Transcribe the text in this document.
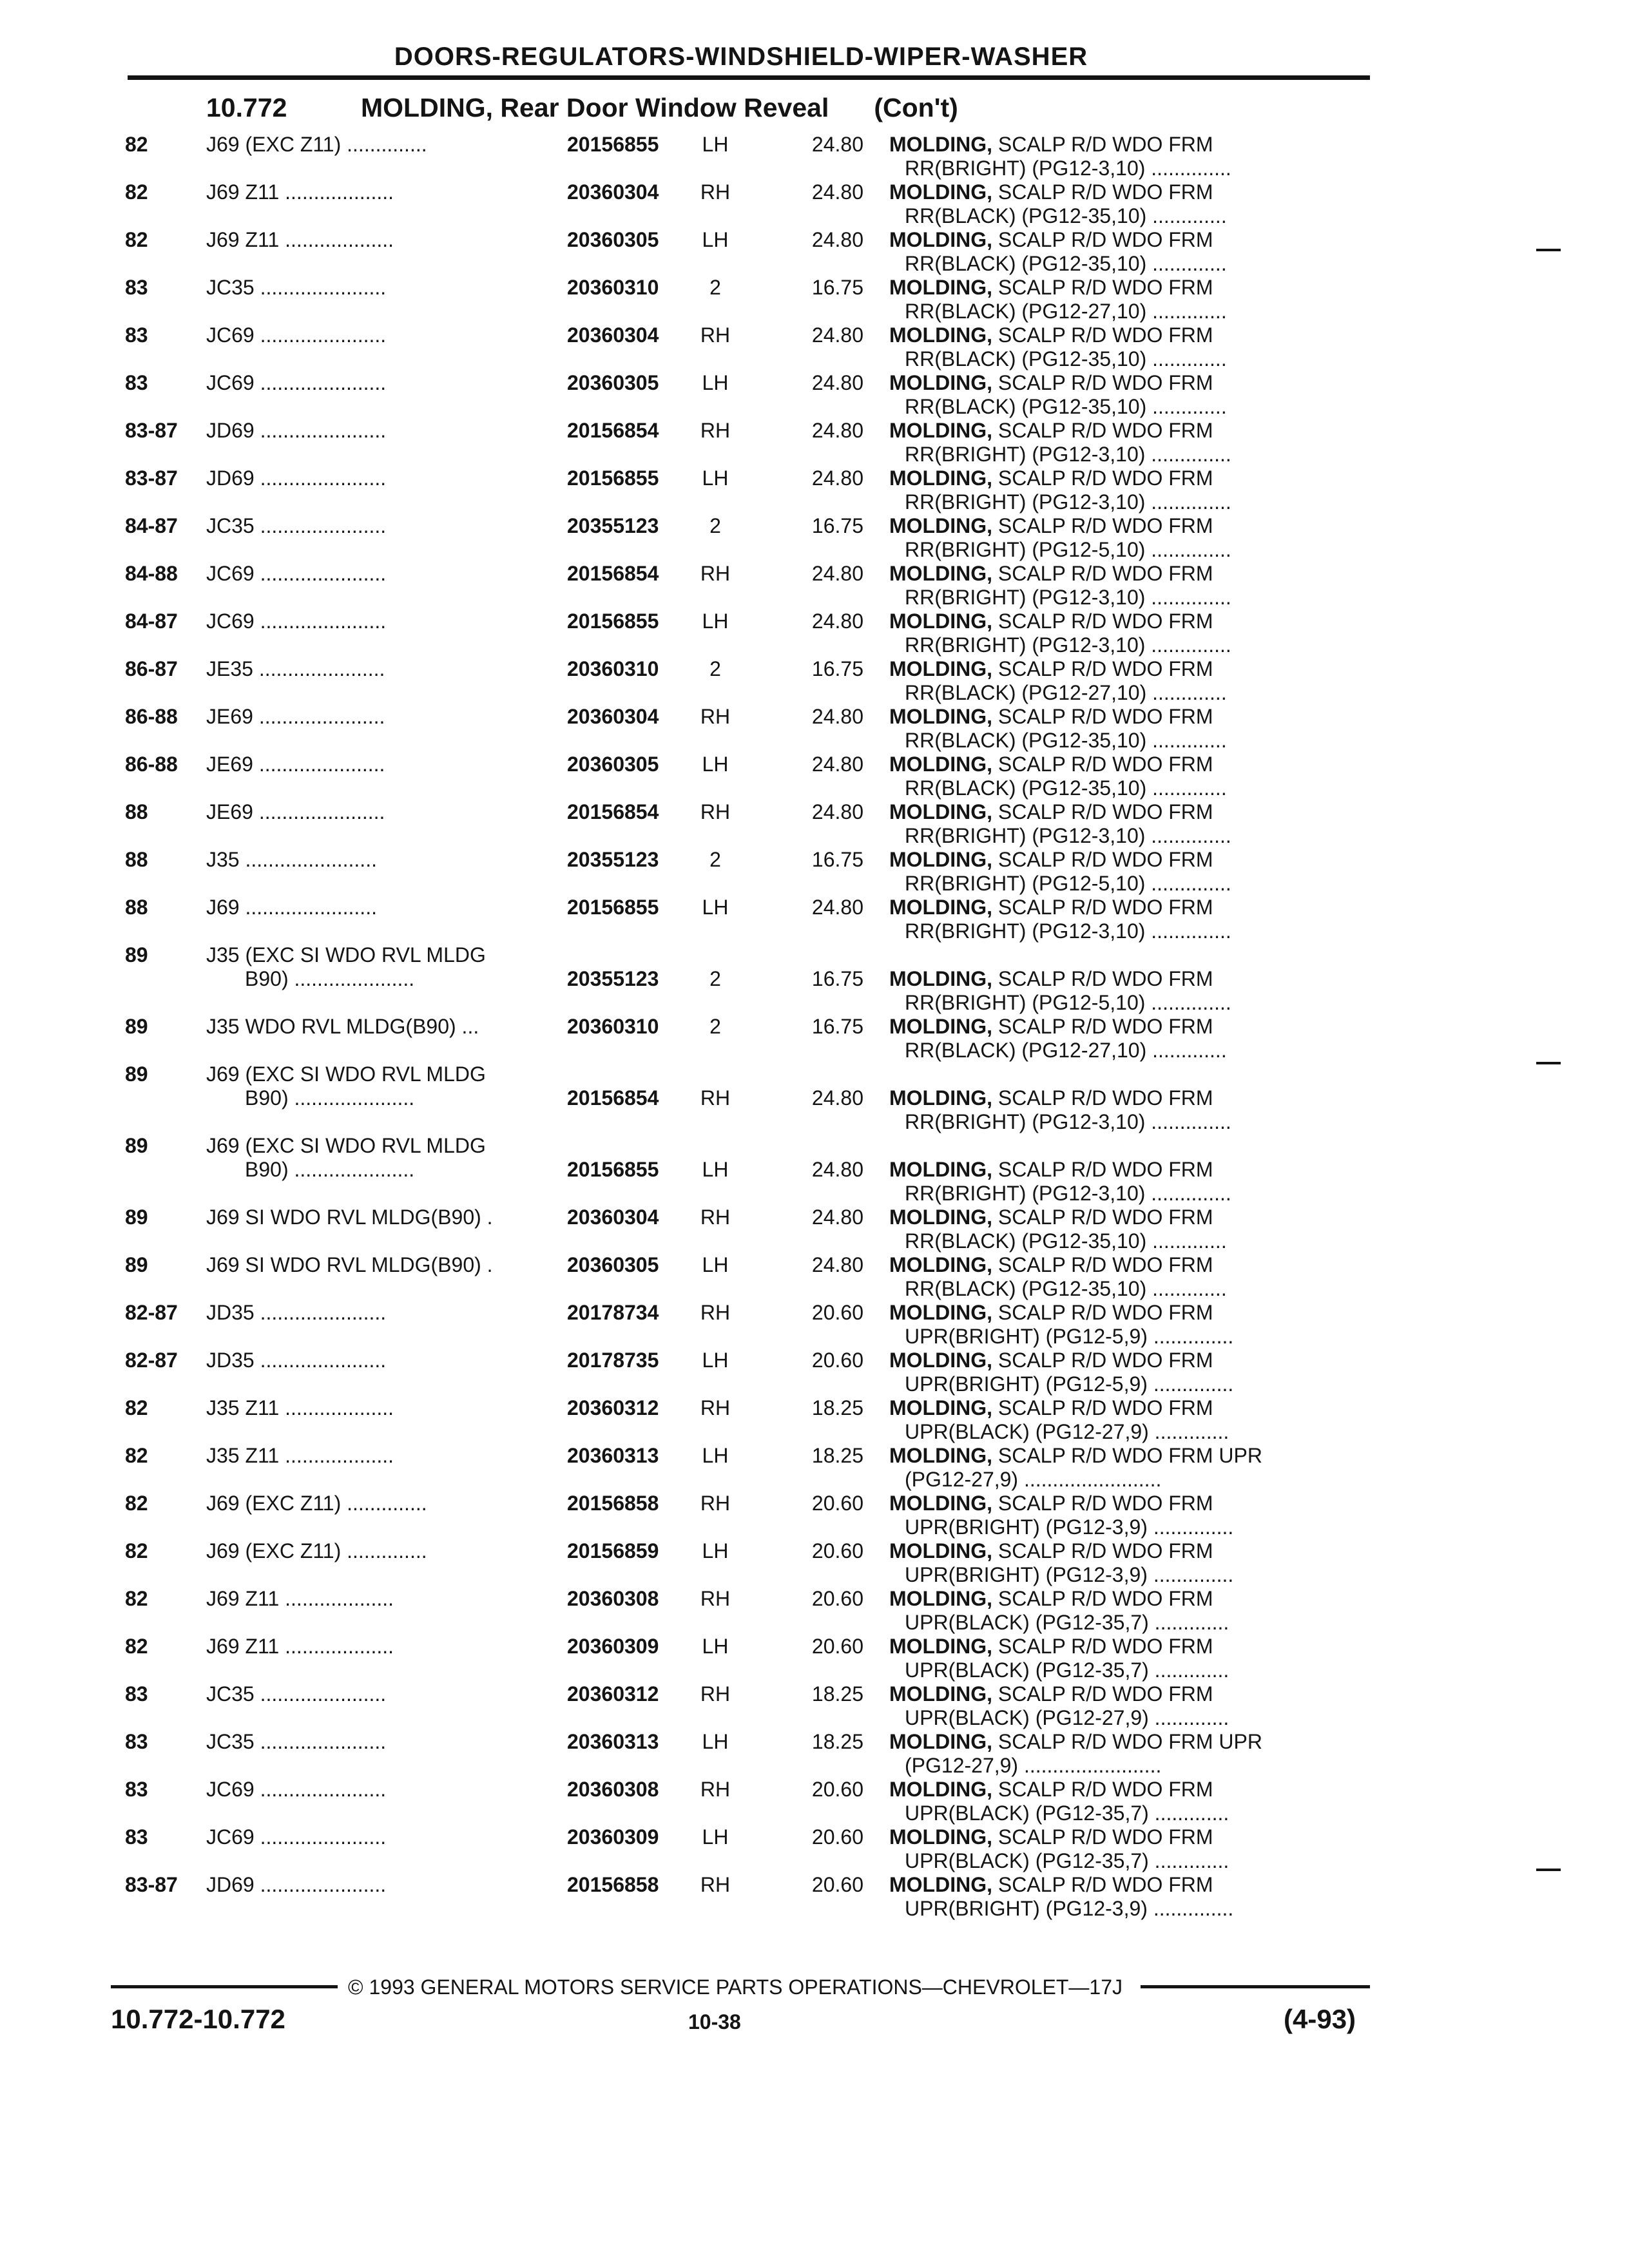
DOORS-REGULATORS-WINDSHIELD-WIPER-WASHER
10.772	MOLDING, Rear Door Window Reveal (Con't)
82	J69 (EXC Z11) ..............	20156855 LH	24.80 MOLDING, SCALP R/D WDO FRM
RR(BRIGHT) (PG12-3,10) ..............
82	J69 Z11 ...................	20360304 RH	24.80 MOLDING, SCALP R/D WDO FRM
RR(BLACK) (PG12-35,10) .............
82	J69 Z11 ...................	20360305 LH	24.80 MOLDING, SCALP R/D WDO FRM
RR(BLACK) (PG12-35,10) .............
83	JC35 ......................	20360310	2	16.75 MOLDING, SCALP R/D WDO FRM
RR(BLACK) (PG12-27,10) .............
83	JC69 ......................	20360304 RH	24.80 MOLDING, SCALP R/D WDO FRM
RR(BLACK) (PG12-35,10) .............
83	JC69 ......................	20360305 LH	24.80 MOLDING, SCALP R/D WDO FRM
RR(BLACK) (PG12-35,10) .............
83-87 JD69 ......................	20156854 RH	24.80 MOLDING, SCALP R/D WDO FRM
RR(BRIGHT) (PG12-3,10) ..............
83-87 JD69 ......................	20156855 LH	24.80 MOLDING, SCALP R/D WDO FRM
RR(BRIGHT) (PG12-3,10) ..............
84-87 JC35 ......................	20355123	2	16.75 MOLDING, SCALP R/D WDO FRM
RR(BRIGHT) (PG12-5,10) ..............
84-88 JC69 ......................	20156854 RH	24.80 MOLDING, SCALP R/D WDO FRM
RR(BRIGHT) (PG12-3,10) ..............
84-87 JC69 ......................	20156855 LH	24.80 MOLDING, SCALP R/D WDO FRM
RR(BRIGHT) (PG12-3,10) ..............
86-87 JE35 ......................	20360310	2	16.75 MOLDING, SCALP R/D WDO FRM
RR(BLACK) (PG12-27,10) .............
86-88 JE69 ......................	20360304 RH	24.80 MOLDING, SCALP R/D WDO FRM
RR(BLACK) (PG12-35,10) .............
86-88 JE69 ......................	20360305 LH	24.80 MOLDING, SCALP R/D WDO FRM
RR(BLACK) (PG12-35,10) .............
88	JE69 ......................	20156854 RH	24.80 MOLDING, SCALP R/D WDO FRM
RR(BRIGHT) (PG12-3,10) ..............
88	J35 .......................	20355123	2	16.75 MOLDING, SCALP R/D WDO FRM
RR(BRIGHT) (PG12-5,10) ..............
88	J69 .......................	20156855 LH	24.80 MOLDING, SCALP R/D WDO FRM
RR(BRIGHT) (PG12-3,10) ..............
89	J35 (EXC SI WDO RVL MLDG
B90) .....................	20355123	2	16.75 MOLDING, SCALP R/D WDO FRM
RR(BRIGHT) (PG12-5,10) ..............
89	J35 WDO RVL MLDG(B90) ...	20360310	2	16.75 MOLDING, SCALP R/D WDO FRM
RR(BLACK) (PG12-27,10) .............
89	J69 (EXC SI WDO RVL MLDG
B90) .....................	20156854 RH	24.80 MOLDING, SCALP R/D WDO FRM
RR(BRIGHT) (PG12-3,10) ..............
89	J69 (EXC SI WDO RVL MLDG
B90) .....................	20156855 LH	24.80 MOLDING, SCALP R/D WDO FRM
RR(BRIGHT) (PG12-3,10) ..............
89	J69 SI WDO RVL MLDG(B90) .	20360304 RH	24.80 MOLDING, SCALP R/D WDO FRM
RR(BLACK) (PG12-35,10) .............
89	J69 SI WDO RVL MLDG(B90) .	20360305 LH	24.80 MOLDING, SCALP R/D WDO FRM
RR(BLACK) (PG12-35,10) .............
82-87 JD35 ......................	20178734 RH	20.60 MOLDING, SCALP R/D WDO FRM
UPR(BRIGHT) (PG12-5,9) ..............
82-87 JD35 ......................	20178735 LH	20.60 MOLDING, SCALP R/D WDO FRM
UPR(BRIGHT) (PG12-5,9) ..............
82	J35 Z11 ...................	20360312 RH	18.25 MOLDING, SCALP R/D WDO FRM
UPR(BLACK) (PG12-27,9) .............
82	J35 Z11 ...................	20360313 LH	18.25 MOLDING, SCALP R/D WDO FRM UPR
(PG12-27,9) ........................
82	J69 (EXC Z11) ..............	20156858 RH	20.60 MOLDING, SCALP R/D WDO FRM
UPR(BRIGHT) (PG12-3,9) ..............
82	J69 (EXC Z11) ..............	20156859 LH	20.60 MOLDING, SCALP R/D WDO FRM
UPR(BRIGHT) (PG12-3,9) ..............
82	J69 Z11 ...................	20360308 RH	20.60 MOLDING, SCALP R/D WDO FRM
UPR(BLACK) (PG12-35,7) .............
82	J69 Z11 ...................	20360309 LH	20.60 MOLDING, SCALP R/D WDO FRM
UPR(BLACK) (PG12-35,7) .............
83	JC35 ......................	20360312 RH	18.25 MOLDING, SCALP R/D WDO FRM
UPR(BLACK) (PG12-27,9) .............
83	JC35 ......................	20360313 LH	18.25 MOLDING, SCALP R/D WDO FRM UPR
(PG12-27,9) ........................
83	JC69 ......................	20360308 RH	20.60 MOLDING, SCALP R/D WDO FRM
UPR(BLACK) (PG12-35,7) .............
83	JC69 ......................	20360309 LH	20.60 MOLDING, SCALP R/D WDO FRM
UPR(BLACK) (PG12-35,7) .............
83-87 JD69 ......................	20156858 RH	20.60 MOLDING, SCALP R/D WDO FRM
UPR(BRIGHT) (PG12-3,9) ..............
© 1993 GENERAL MOTORS SERVICE PARTS OPERATIONS—CHEVROLET—17J
10.772-10.772	10-38	(4-93)
